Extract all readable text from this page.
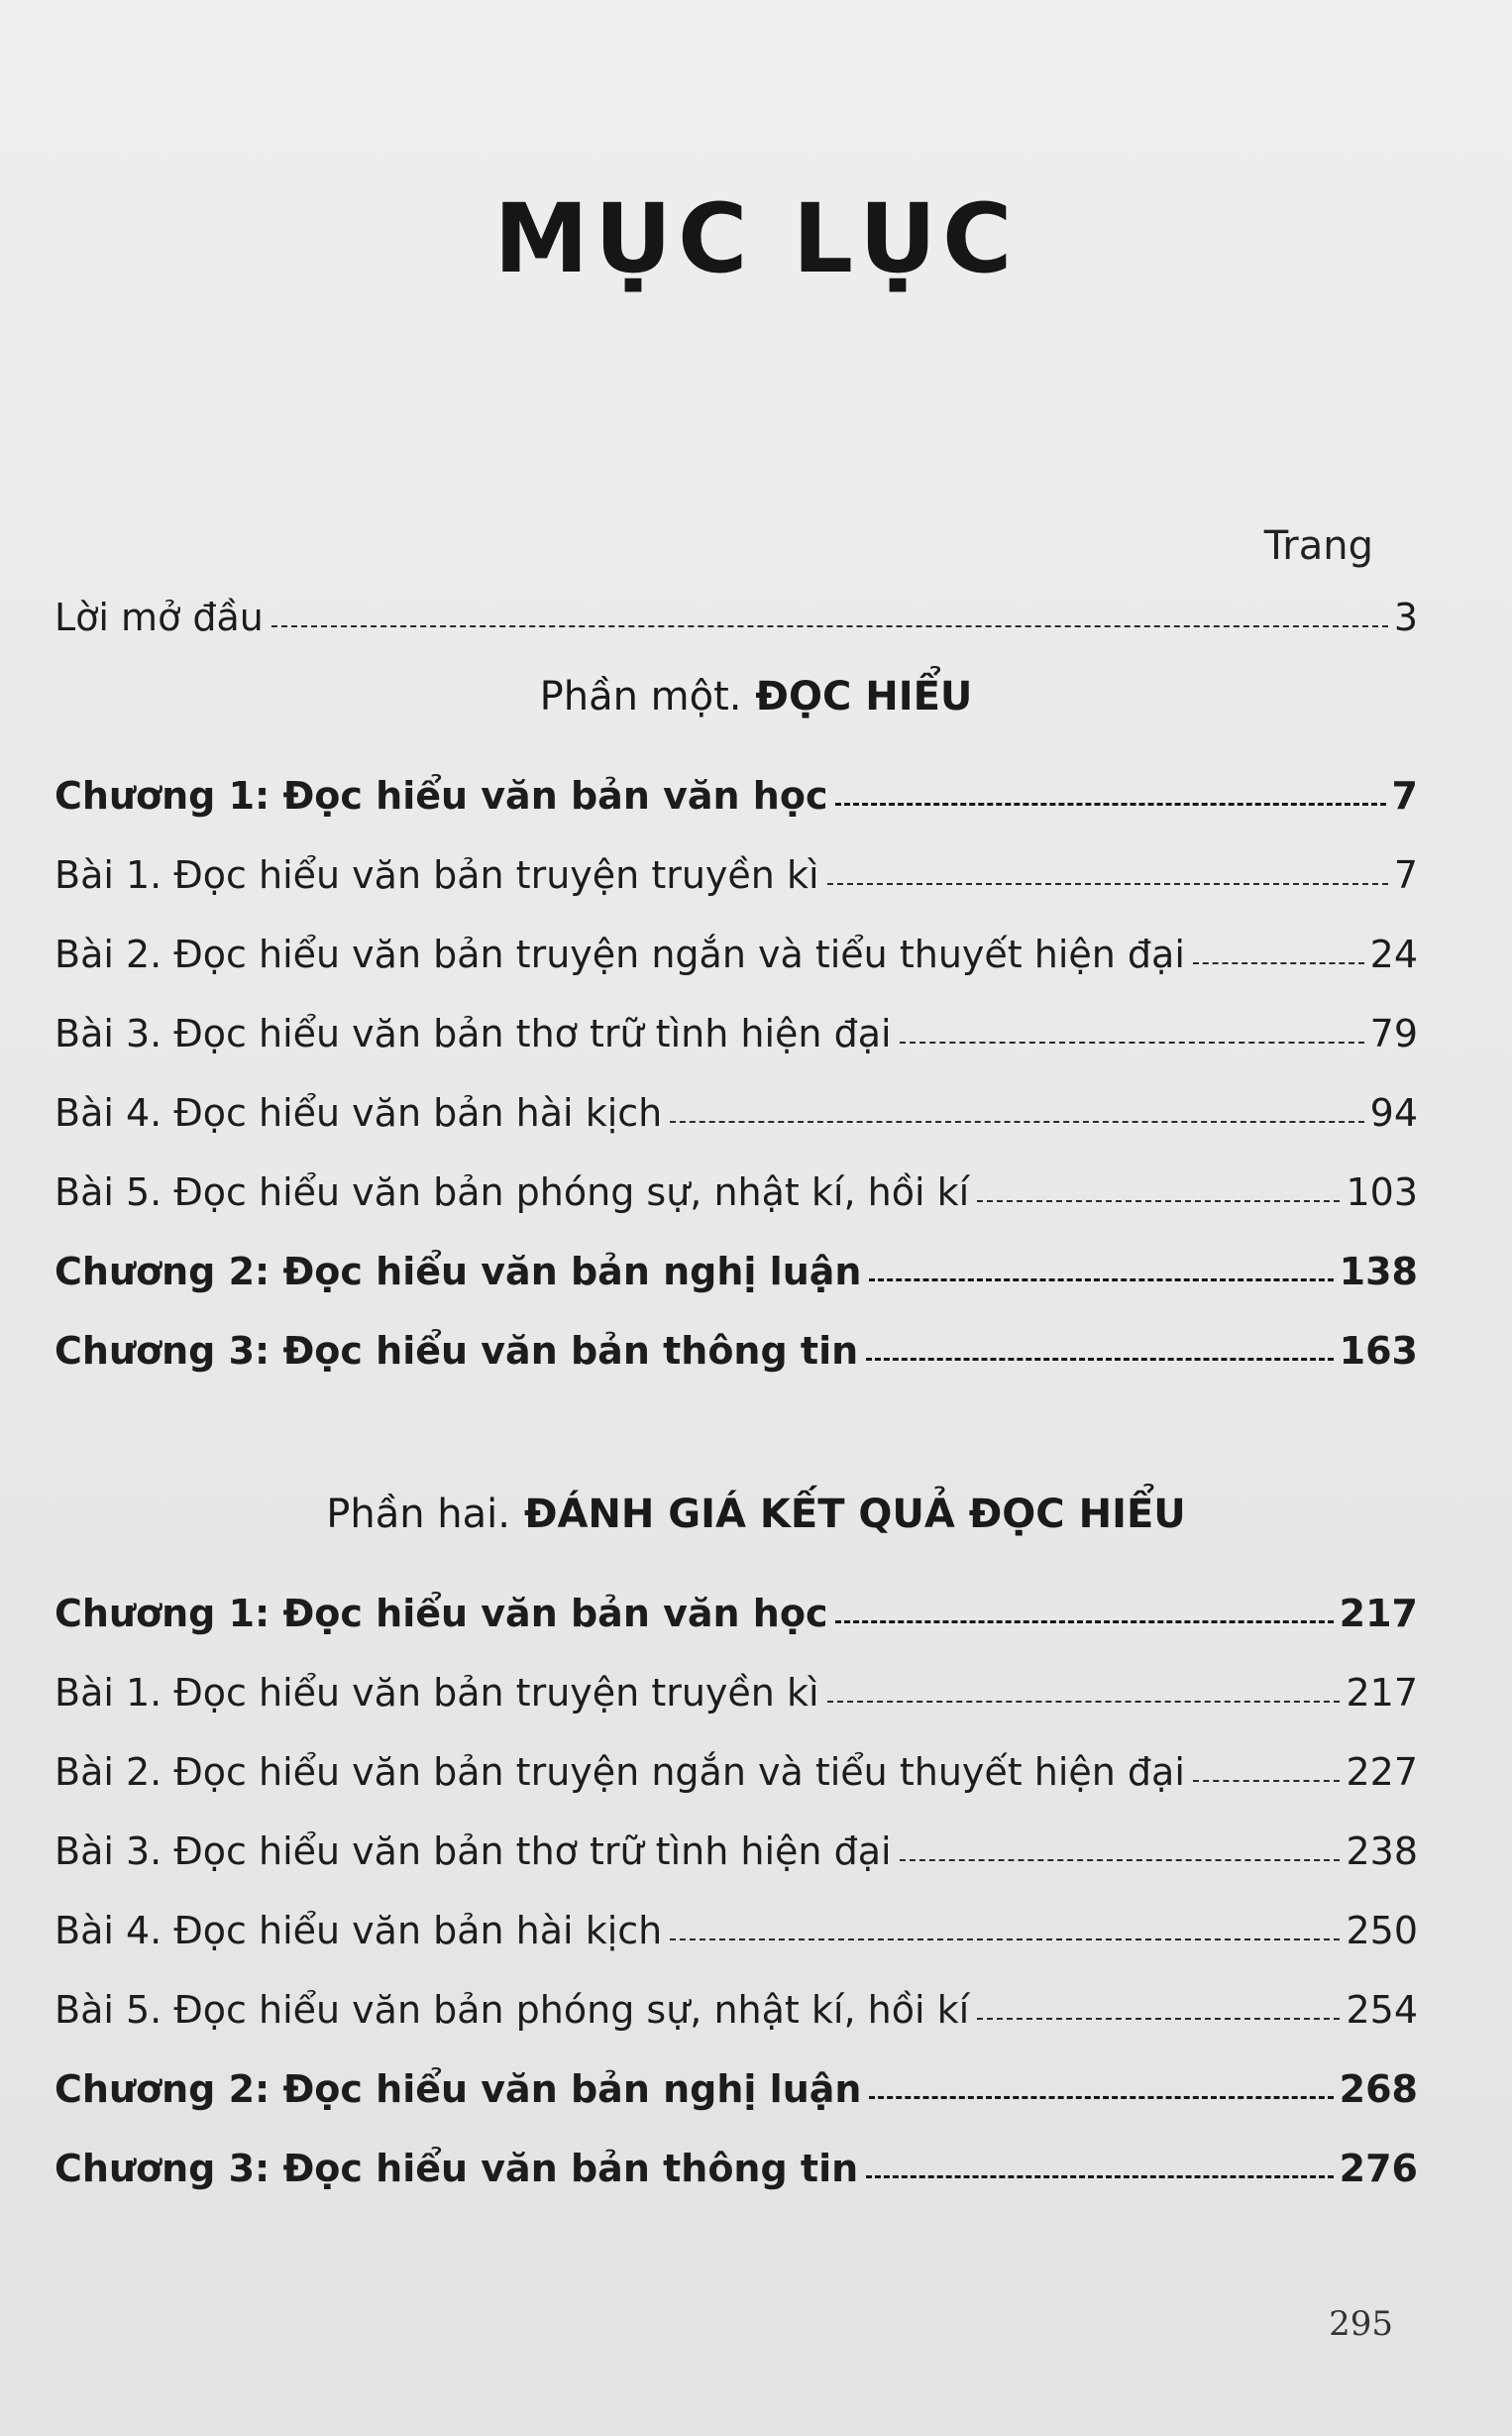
MỤC LỤC
Trang
Lời mở đầu	3
Phần một. ĐỌC HIỂU
Chương 1: Đọc hiểu văn bản văn học	7
Bài 1. Đọc hiểu văn bản truyện truyền kì	7
Bài 2. Đọc hiểu văn bản truyện ngắn và tiểu thuyết hiện đại	24
Bài 3. Đọc hiểu văn bản thơ trữ tình hiện đại	79
Bài 4. Đọc hiểu văn bản hài kịch	94
Bài 5. Đọc hiểu văn bản phóng sự, nhật kí, hồi kí	103
Chương 2: Đọc hiểu văn bản nghị luận	138
Chương 3: Đọc hiểu văn bản thông tin	163
Phần hai. ĐÁNH GIÁ KẾT QUẢ ĐỌC HIỂU
Chương 1: Đọc hiểu văn bản văn học	217
Bài 1. Đọc hiểu văn bản truyện truyền kì	217
Bài 2. Đọc hiểu văn bản truyện ngắn và tiểu thuyết hiện đại	227
Bài 3. Đọc hiểu văn bản thơ trữ tình hiện đại	238
Bài 4. Đọc hiểu văn bản hài kịch	250
Bài 5. Đọc hiểu văn bản phóng sự, nhật kí, hồi kí	254
Chương 2: Đọc hiểu văn bản nghị luận	268
Chương 3: Đọc hiểu văn bản thông tin	276
295
